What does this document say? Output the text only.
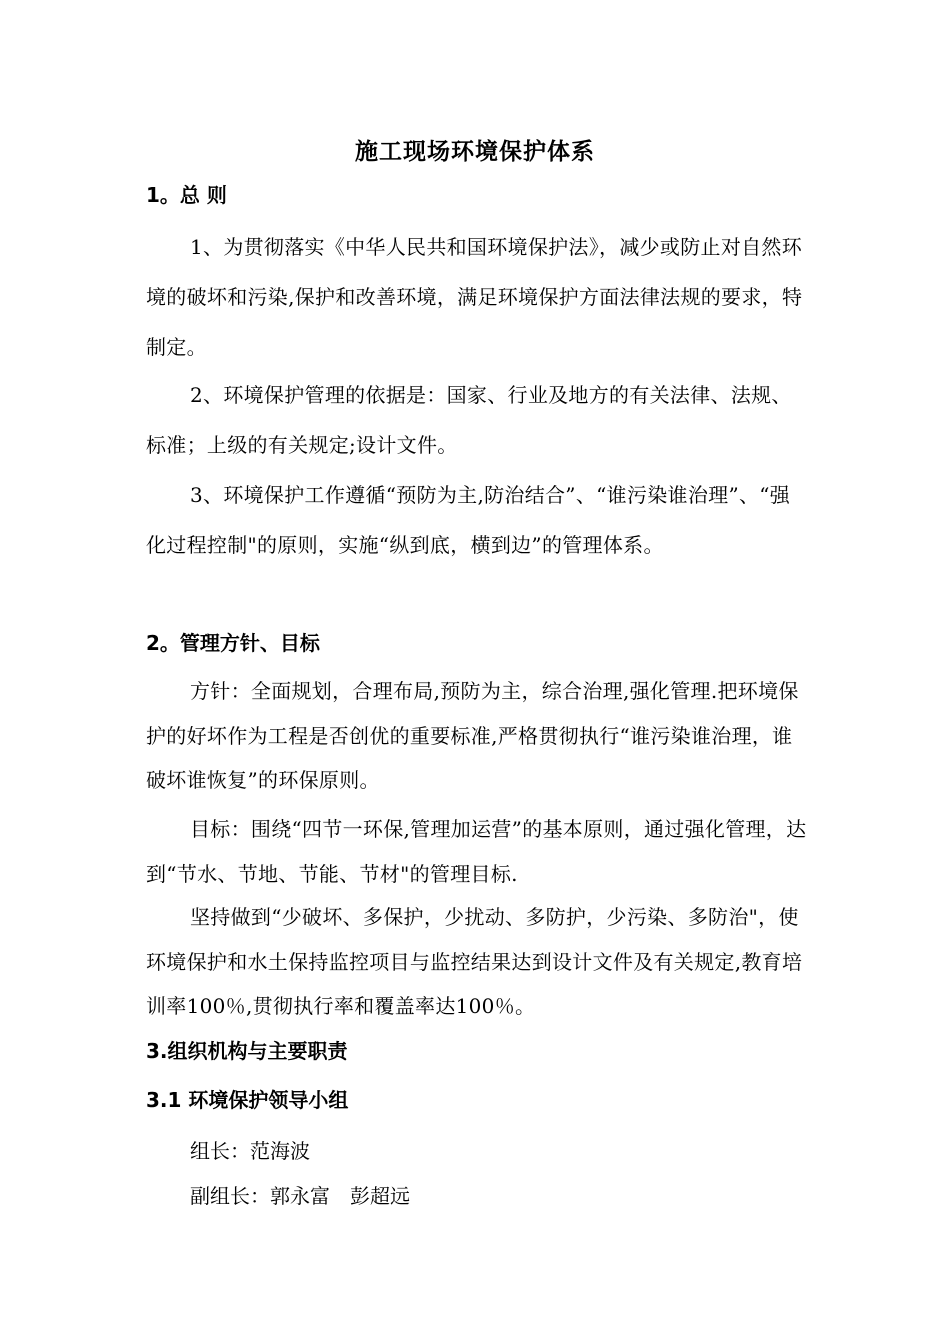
施工现场环境保护体系
1。总 则

1、为贯彻落实《中华人民共和国环境保护法》，减少或防止对自然环境的破坏和污染,保护和改善环境，满足环境保护方面法律法规的要求，特制定。

2、环境保护管理的依据是：国家、行业及地方的有关法律、法规、标准；上级的有关规定;设计文件。

3、环境保护工作遵循“预防为主,防治结合”、“谁污染谁治理”、“强化过程控制"的原则，实施“纵到底，横到边”的管理体系。

2。管理方针、目标

方针：全面规划，合理布局,预防为主，综合治理,强化管理.把环境保护的好坏作为工程是否创优的重要标准,严格贯彻执行“谁污染谁治理，谁破坏谁恢复”的环保原则。

目标：围绕“四节一环保,管理加运营”的基本原则，通过强化管理，达到“节水、节地、节能、节材"的管理目标.

坚持做到“少破坏、多保护，少扰动、多防护，少污染、多防治"，使环境保护和水土保持监控项目与监控结果达到设计文件及有关规定,教育培训率100％,贯彻执行率和覆盖率达100％。

3.组织机构与主要职责
3.1 环境保护领导小组
组长：范海波
副组长：郭永富　彭超远
